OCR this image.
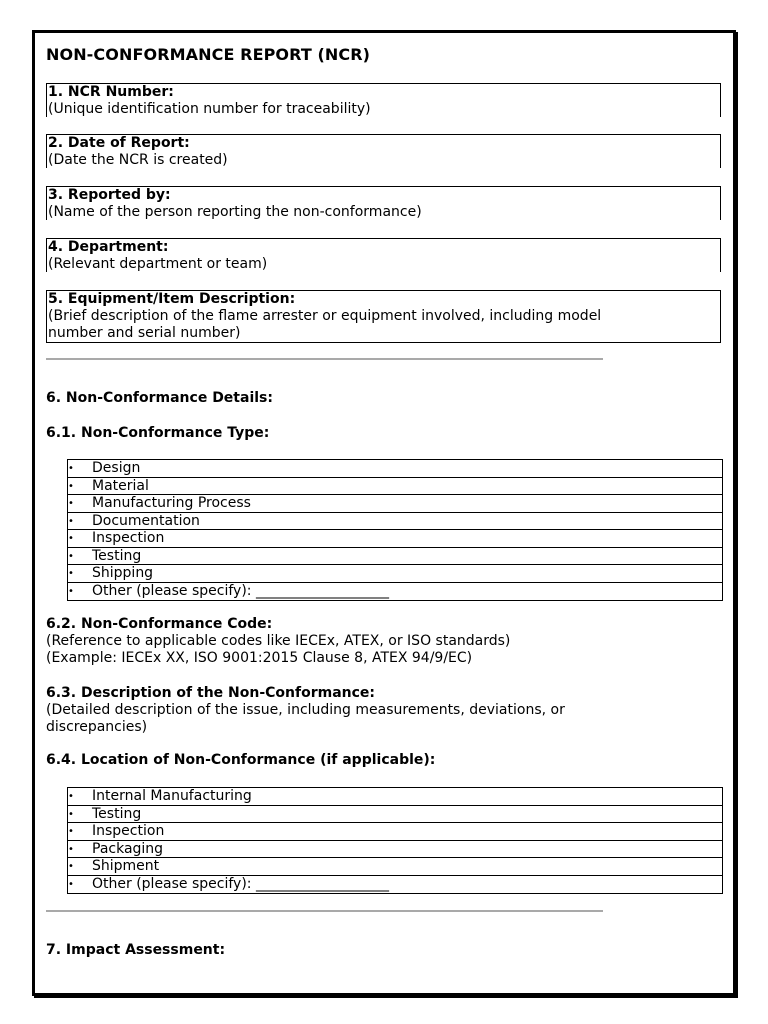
NON-CONFORMANCE REPORT (NCR)
1. NCR Number:
(Unique identification number for traceability)
2. Date of Report:
(Date the NCR is created)
3. Reported by:
(Name of the person reporting the non-conformance)
4. Department:
(Relevant department or team)
5. Equipment/Item Description:
(Brief description of the flame arrester or equipment involved, including model
number and serial number)
6. Non-Conformance Details:
6.1. Non-Conformance Type:
• Design
• Material
• Manufacturing Process
• Documentation
• Inspection
• Testing
• Shipping
• Other (please specify): ___________________
6.2. Non-Conformance Code:
(Reference to applicable codes like IECEx, ATEX, or ISO standards)
(Example: IECEx XX, ISO 9001:2015 Clause 8, ATEX 94/9/EC)
6.3. Description of the Non-Conformance:
(Detailed description of the issue, including measurements, deviations, or
discrepancies)
6.4. Location of Non-Conformance (if applicable):
• Internal Manufacturing
• Testing
• Inspection
• Packaging
• Shipment
• Other (please specify): ___________________
7. Impact Assessment:
